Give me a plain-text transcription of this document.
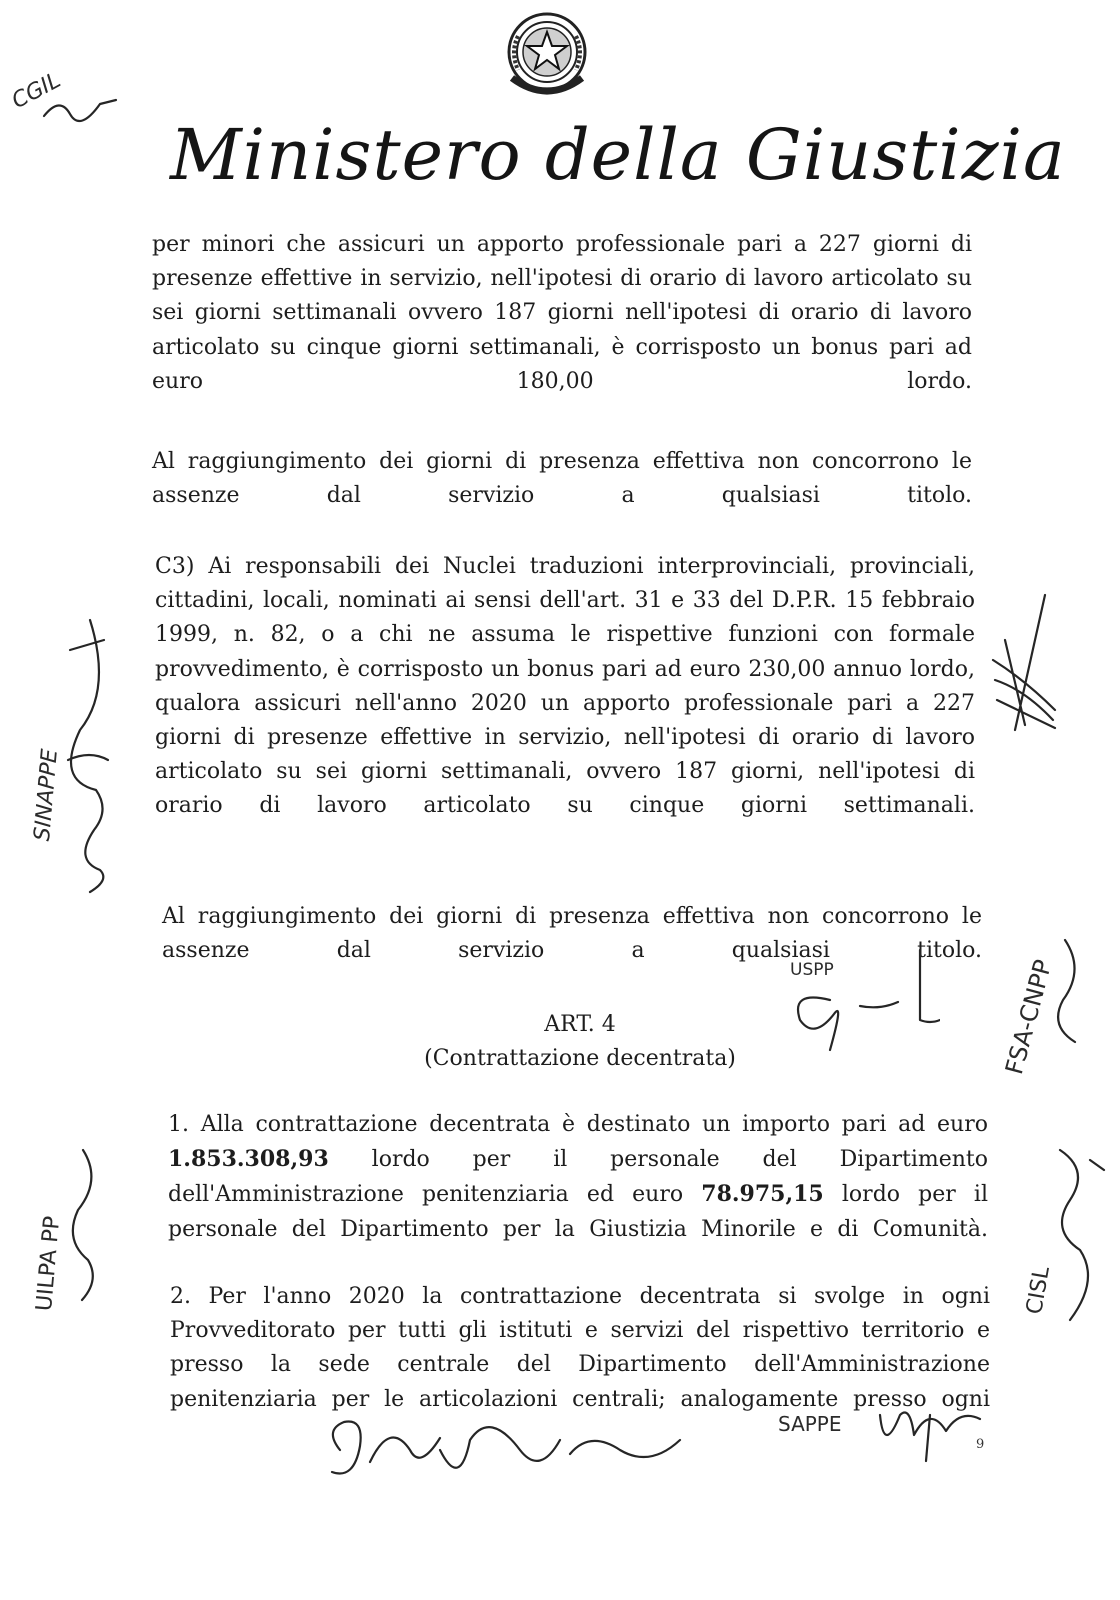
Ministero della Giustizia

per minori che assicuri un apporto professionale pari a 227 giorni di presenze effettive in servizio, nell'ipotesi di orario di lavoro articolato su sei giorni settimanali ovvero 187 giorni nell'ipotesi di orario di lavoro articolato su cinque giorni settimanali, è corrisposto un bonus pari ad euro 180,00 lordo.

Al raggiungimento dei giorni di presenza effettiva non concorrono le assenze dal servizio a qualsiasi titolo.

C3) Ai responsabili dei Nuclei traduzioni interprovinciali, provinciali, cittadini, locali, nominati ai sensi dell'art. 31 e 33 del D.P.R. 15 febbraio 1999, n. 82, o a chi ne assuma le rispettive funzioni con formale provvedimento, è corrisposto un bonus pari ad euro 230,00 annuo lordo, qualora assicuri nell'anno 2020 un apporto professionale pari a 227 giorni di presenze effettive in servizio, nell'ipotesi di orario di lavoro articolato su sei giorni settimanali, ovvero 187 giorni, nell'ipotesi di orario di lavoro articolato su cinque giorni settimanali.

Al raggiungimento dei giorni di presenza effettiva non concorrono le assenze dal servizio a qualsiasi titolo.

ART. 4
(Contrattazione decentrata)

1. Alla contrattazione decentrata è destinato un importo pari ad euro 1.853.308,93 lordo per il personale del Dipartimento dell'Amministrazione penitenziaria ed euro 78.975,15 lordo per il personale del Dipartimento per la Giustizia Minorile e di Comunità.

2. Per l'anno 2020 la contrattazione decentrata si svolge in ogni Provveditorato per tutti gli istituti e servizi del rispettivo territorio e presso la sede centrale del Dipartimento dell'Amministrazione penitenziaria per le articolazioni centrali; analogamente presso ogni

9
CGIL
SINAPPE
USPP	FSA-CNPP
UILPA PP	CISL
SAPPE
